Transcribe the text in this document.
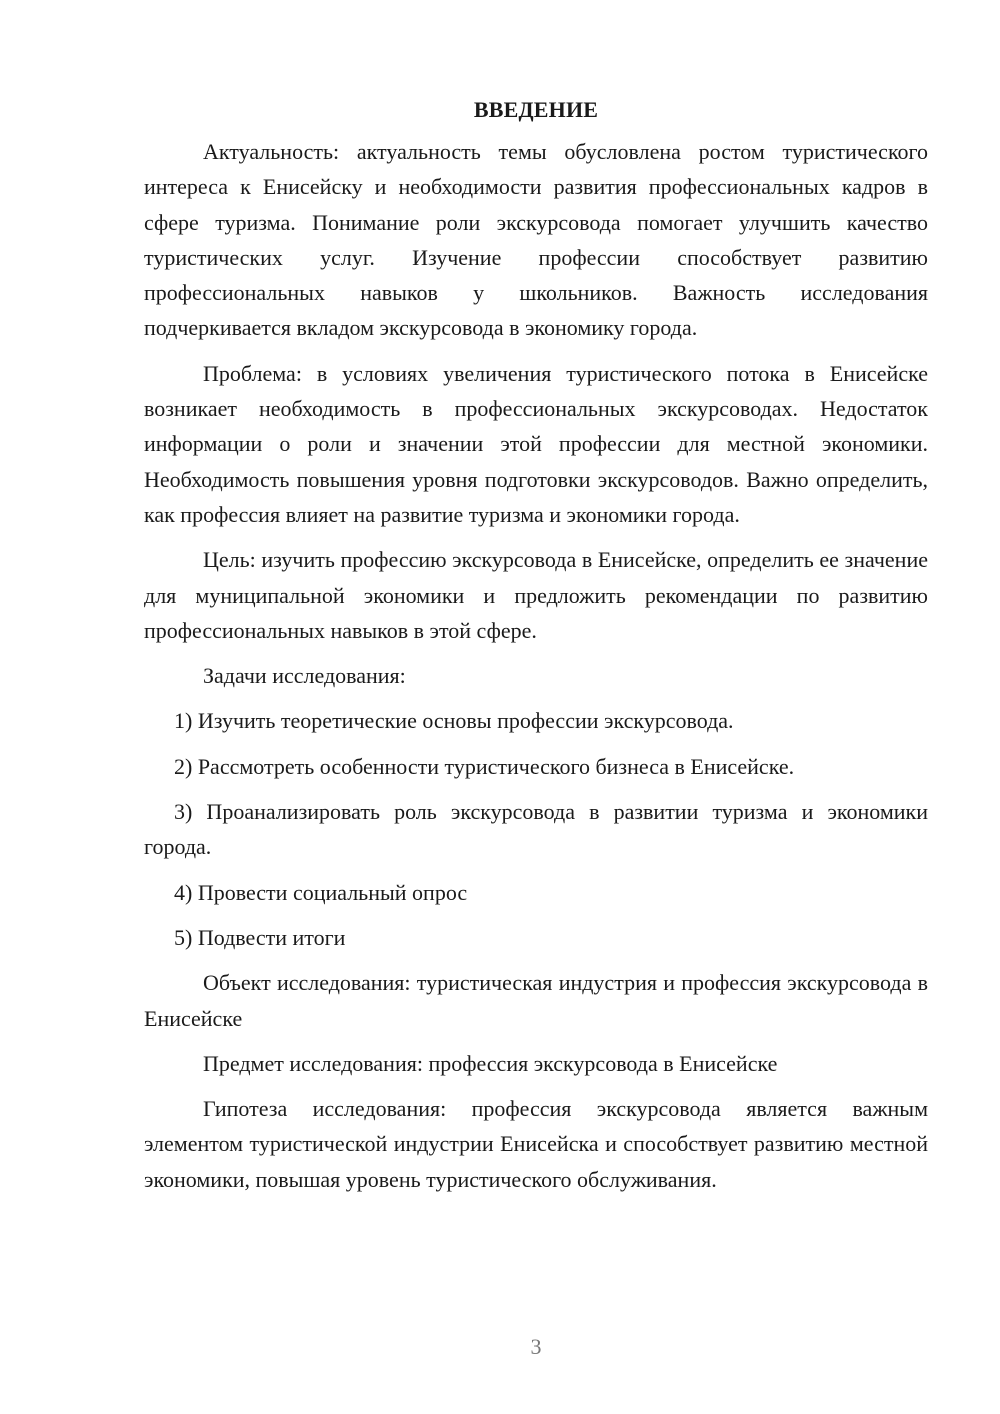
ВВЕДЕНИЕ

Актуальность: актуальность темы обусловлена ростом туристического интереса к Енисейску и необходимости развития профессиональных кадров в сфере туризма. Понимание роли экскурсовода помогает улучшить качество туристических услуг. Изучение профессии способствует развитию профессиональных навыков у школьников. Важность исследования подчеркивается вкладом экскурсовода в экономику города.

Проблема: в условиях увеличения туристического потока в Енисейске возникает необходимость в профессиональных экскурсоводах. Недостаток информации о роли и значении этой профессии для местной экономики. Необходимость повышения уровня подготовки экскурсоводов. Важно определить, как профессия влияет на развитие туризма и экономики города.

Цель: изучить профессию экскурсовода в Енисейске, определить ее значение для муниципальной экономики и предложить рекомендации по развитию профессиональных навыков в этой сфере.

Задачи исследования:

1) Изучить теоретические основы профессии экскурсовода.

2) Рассмотреть особенности туристического бизнеса в Енисейске.

3) Проанализировать роль экскурсовода в развитии туризма и экономики города.

4) Провести социальный опрос

5) Подвести итоги

Объект исследования: туристическая индустрия и профессия экскурсовода в Енисейске

Предмет исследования: профессия экскурсовода в Енисейске

Гипотеза исследования: профессия экскурсовода является важным элементом туристической индустрии Енисейска и способствует развитию местной экономики, повышая уровень туристического обслуживания.

3
